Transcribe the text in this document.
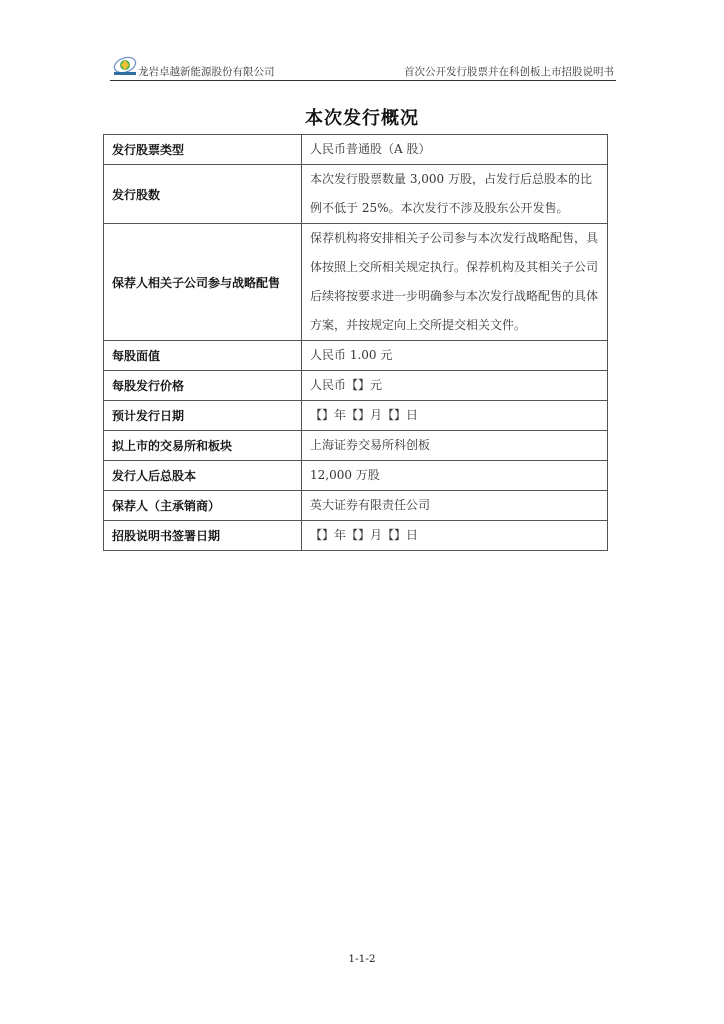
龙岩卓越新能源股份有限公司	首次公开发行股票并在科创板上市招股说明书
本次发行概况
发行股票类型	人民币普通股（A 股）
发行股数	本次发行股票数量 3,000 万股，占发行后总股本的比例不低于 25%。本次发行不涉及股东公开发售。
保荐人相关子公司参与战略配售	保荐机构将安排相关子公司参与本次发行战略配售，具体按照上交所相关规定执行。保荐机构及其相关子公司后续将按要求进一步明确参与本次发行战略配售的具体方案，并按规定向上交所提交相关文件。
每股面值	人民币 1.00 元
每股发行价格	人民币【】元
预计发行日期	【】年【】月【】日
拟上市的交易所和板块	上海证券交易所科创板
发行人后总股本	12,000 万股
保荐人（主承销商）	英大证券有限责任公司
招股说明书签署日期	【】年【】月【】日
1-1-2
